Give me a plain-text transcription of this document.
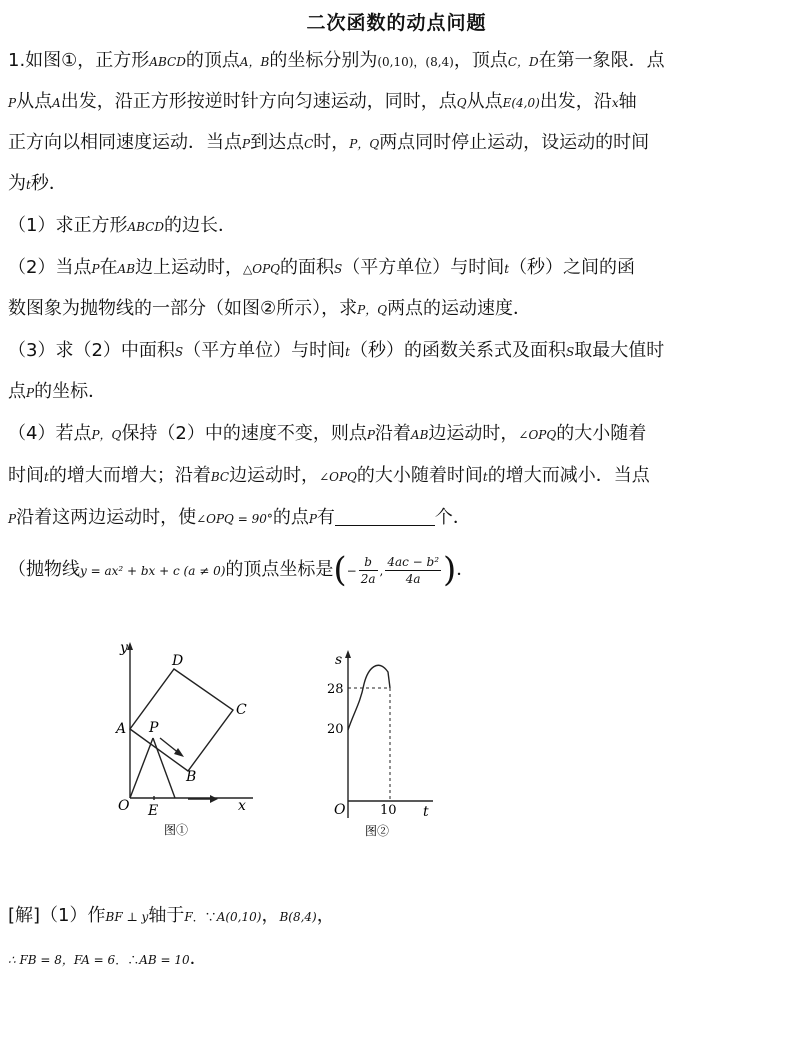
二次函数的动点问题
1.如图①，正方形ABCD的顶点A，B的坐标分别为(0,10)，(8,4)，顶点C，D在第一象限．点
P从点A出发，沿正方形按逆时针方向匀速运动，同时，点Q从点E(4,0)出发，沿x轴
正方向以相同速度运动．当点P到达点C时，P，Q两点同时停止运动，设运动的时间
为t秒．
（1）求正方形ABCD的边长．
（2）当点P在AB边上运动时，△OPQ的面积S（平方单位）与时间t（秒）之间的函
数图象为抛物线的一部分（如图②所示），求P，Q两点的运动速度．
（3）求（2）中面积S（平方单位）与时间t（秒）的函数关系式及面积S取最大值时
点P的坐标．
（4）若点P，Q保持（2）中的速度不变，则点P沿着AB边运动时，∠OPQ的大小随着
时间t的增大而增大；沿着BC边运动时，∠OPQ的大小随着时间t的增大而减小．当点
P沿着这两边运动时，使∠OPQ = 90°的点P有	个．
（抛物线y = ax² + bx + c (a ≠ 0)的顶点坐标是(− $\frac{b}{2a}$ , $\frac{\text{4ac − b²}}{4a}$ )．
y
x
O E
A
B
C
D
P
图①
s
t
O
28
20
10
图②
[解]（1）作BF ⊥ y轴于F．∵A(0,10)，B(8,4)，
∴ FB = 8，FA = 6．∴AB = 10．
